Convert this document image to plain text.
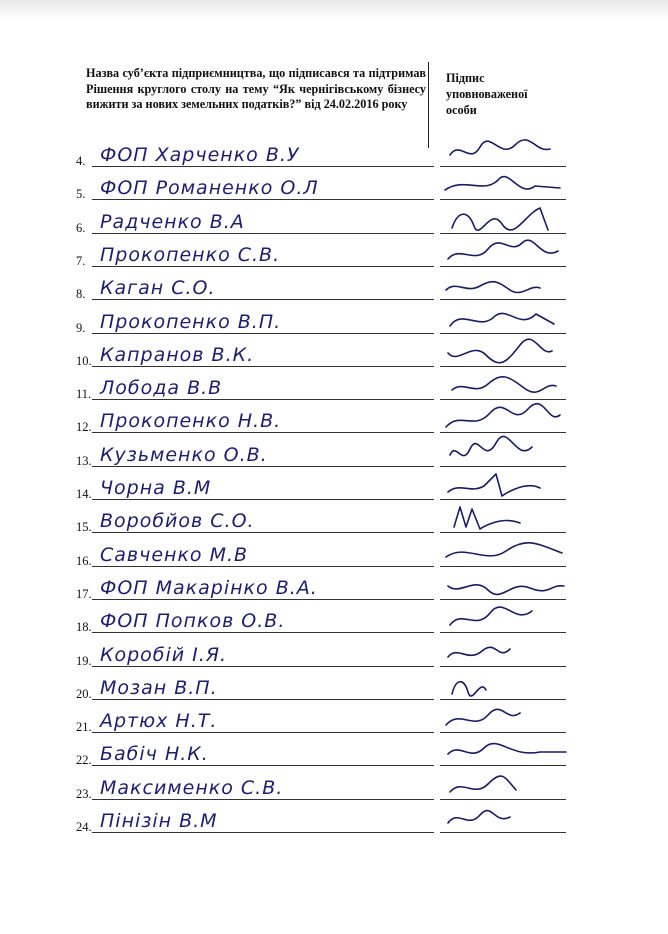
Назва суб’єкта підприємництва, що підписався та підтримав Рішення круглого столу на тему “Як чернігівському бізнесу вижити за нових земельних податків?” від 24.02.2016 року
Підпис уповноваженої особи
4. ФОП Харченко В.У
5. ФОП Романенко О.Л
6. Радченко В.А
7. Прокопенко С.В.
8. Каган С.О.
9. Прокопенко В.П.
10. Капранов В.К.
11. Лобода В.В
12. Прокопенко Н.В.
13. Кузьменко О.В.
14. Чорна В.М
15. Воробйов С.О.
16. Савченко М.В
17. ФОП Макарінко В.А.
18. ФОП Попков О.В.
19. Коробій І.Я.
20. Мозан В.П.
21. Артюх Н.Т.
22. Бабіч Н.К.
23. Максименко С.В.
24. Пінізін В.М
